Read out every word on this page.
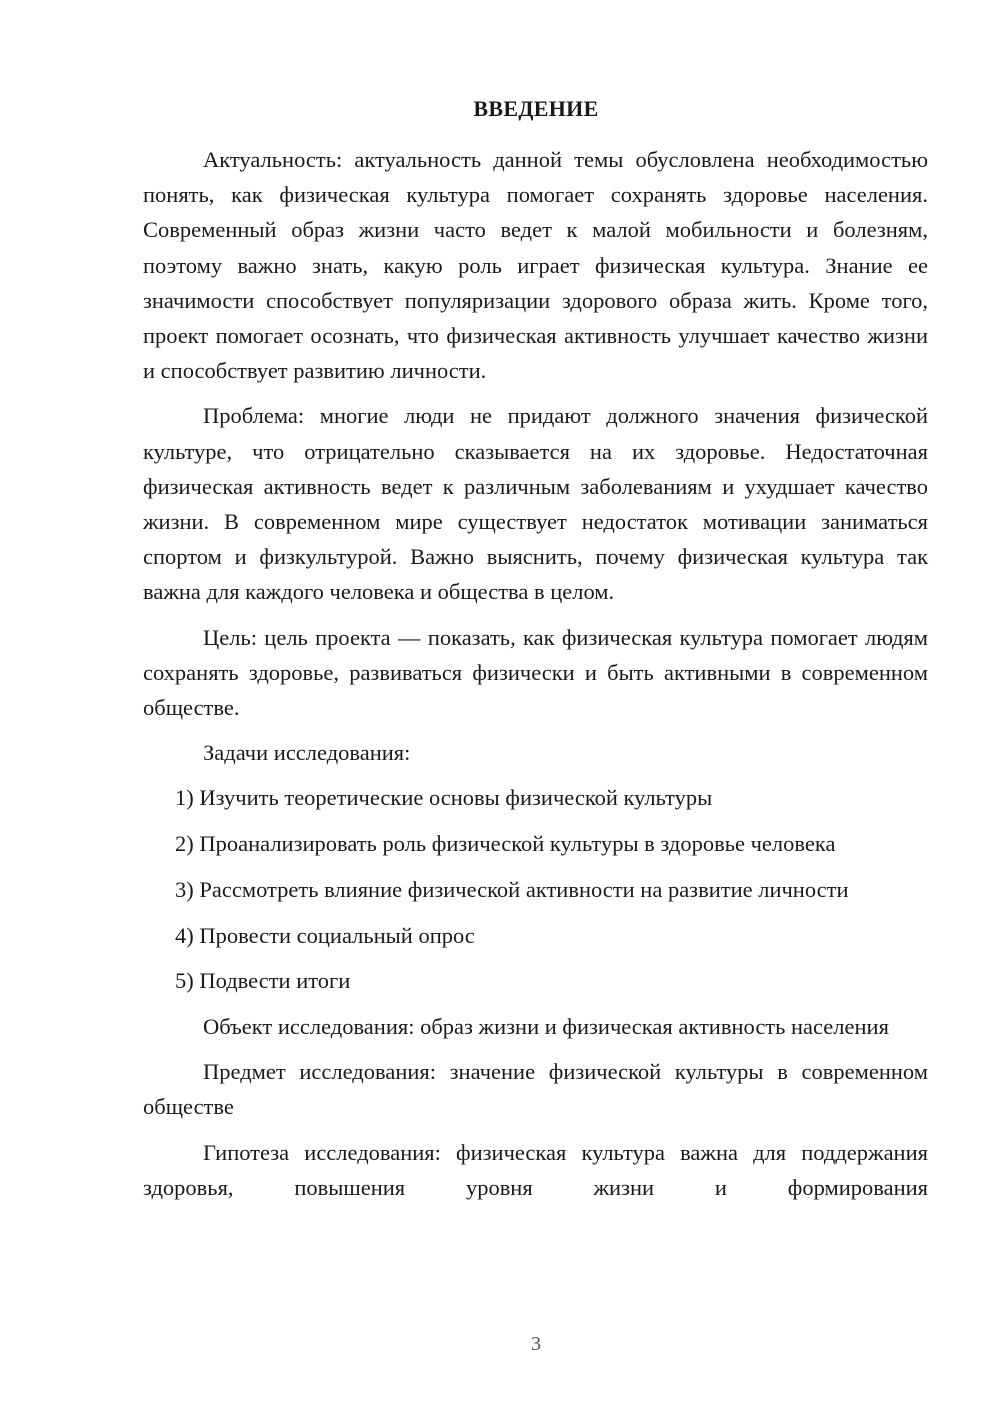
ВВЕДЕНИЕ

Актуальность: актуальность данной темы обусловлена необходимостью понять, как физическая культура помогает сохранять здоровье населения. Современный образ жизни часто ведет к малой мобильности и болезням, поэтому важно знать, какую роль играет физическая культура. Знание ее значимости способствует популяризации здорового образа жить. Кроме того, проект помогает осознать, что физическая активность улучшает качество жизни и способствует развитию личности.

Проблема: многие люди не придают должного значения физической культуре, что отрицательно сказывается на их здоровье. Недостаточная физическая активность ведет к различным заболеваниям и ухудшает качество жизни. В современном мире существует недостаток мотивации заниматься спортом и физкультурой. Важно выяснить, почему физическая культура так важна для каждого человека и общества в целом.

Цель: цель проекта — показать, как физическая культура помогает людям сохранять здоровье, развиваться физически и быть активными в современном обществе.

Задачи исследования:

1) Изучить теоретические основы физической культуры
2) Проанализировать роль физической культуры в здоровье человека
3) Рассмотреть влияние физической активности на развитие личности
4) Провести социальный опрос
5) Подвести итоги

Объект исследования: образ жизни и физическая активность населения

Предмет исследования: значение физической культуры в современном обществе

Гипотеза исследования: физическая культура важна для поддержания здоровья, повышения уровня жизни и формирования

3
